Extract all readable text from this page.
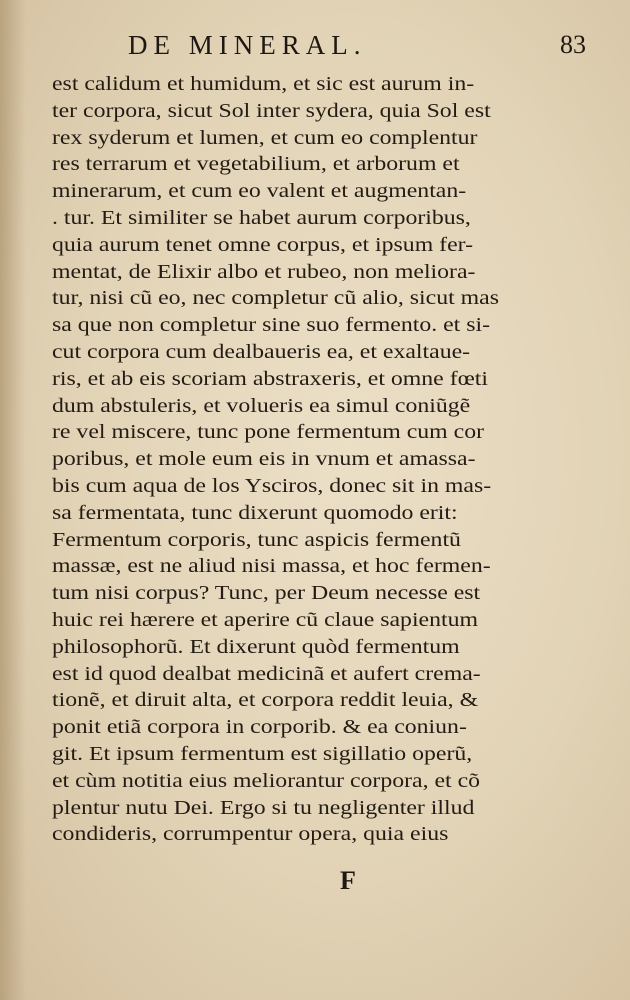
DE MINERAL.	83
est calidum et humidum, et sic est aurum in-
ter corpora, sicut Sol inter sydera, quia Sol est
rex syderum et lumen, et cum eo complentur
res terrarum et vegetabilium, et arborum et
minerarum, et cum eo valent et augmentan-
. tur. Et similiter se habet aurum corporibus,
quia aurum tenet omne corpus, et ipsum fer-
mentat, de Elixir albo et rubeo, non meliora-
tur, nisi cũ eo, nec completur cũ alio, sicut mas
sa que non completur sine suo fermento. et si-
cut corpora cum dealbaueris ea, et exaltaue-
ris, et ab eis scoriam abstraxeris, et omne fœti
dum abstuleris, et volueris ea simul coniũgẽ
re vel miscere, tunc pone fermentum cum cor
poribus, et mole eum eis in vnum et amassa-
bis cum aqua de los Ysciros, donec sit in mas-
sa fermentata, tunc dixerunt quomodo erit:
Fermentum corporis, tunc aspicis fermentũ
massæ, est ne aliud nisi massa, et hoc fermen-
tum nisi corpus? Tunc, per Deum necesse est
huic rei hærere et aperire cũ claue sapientum
philosophorũ. Et dixerunt quòd fermentum
est id quod dealbat medicinã et aufert crema-
tionẽ, et diruit alta, et corpora reddit leuia, &
ponit etiã corpora in corporib. & ea coniun-
git. Et ipsum fermentum est sigillatio operũ,
et cùm notitia eius meliorantur corpora, et cõ
plentur nutu Dei. Ergo si tu negligenter illud
condideris, corrumpentur opera, quia eius
F
